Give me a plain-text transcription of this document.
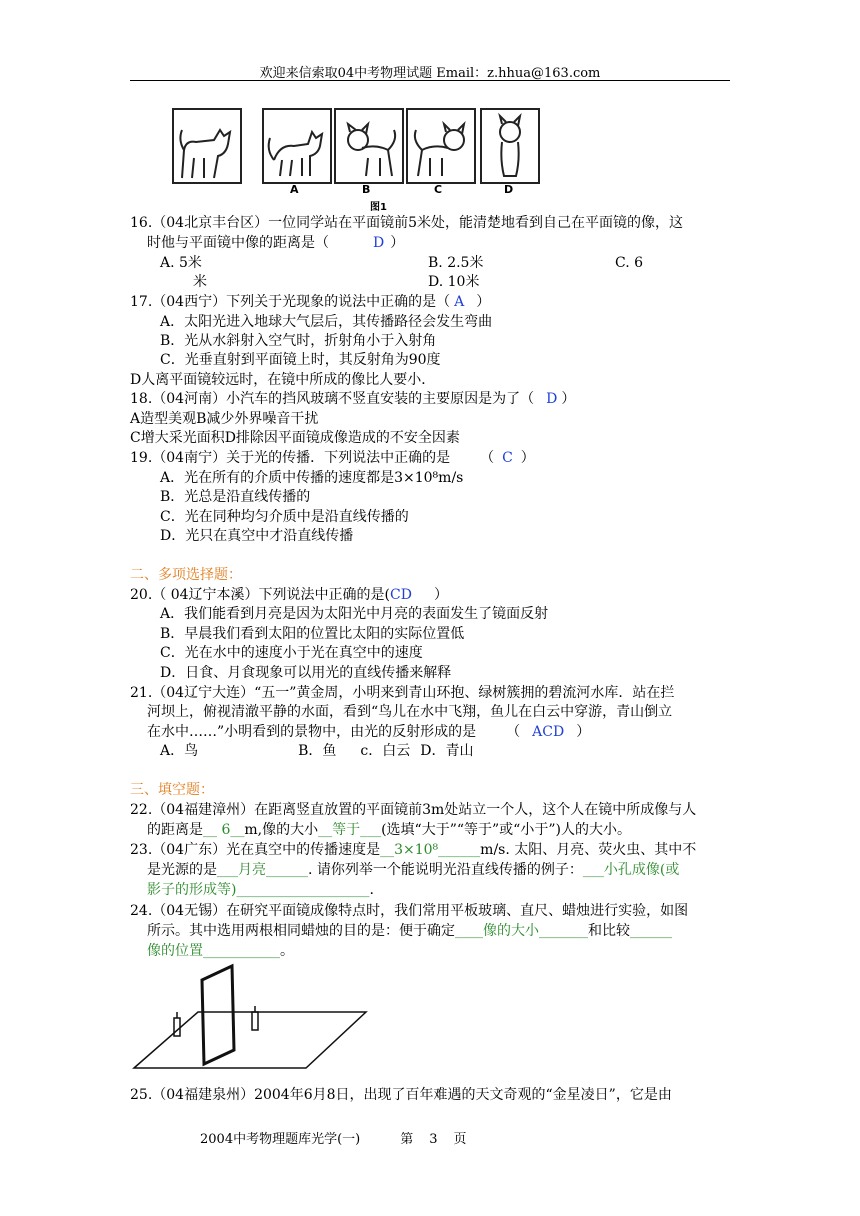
欢迎来信索取04中考物理试题 Email：z.hhua@163.com
A	B	C	D
图1
16.（04北京丰台区）一位同学站在平面镜前5米处，能清楚地看到自己在平面镜的像，这
时他与平面镜中像的距离是（	D ）
A. 5米	B. 2.5米	C. 6
米	D. 10米
17.（04西宁）下列关于光现象的说法中正确的是（ A ）
A．太阳光进入地球大气层后，其传播路径会发生弯曲
B．光从水斜射入空气时，折射角小于入射角
C．光垂直射到平面镜上时，其反射角为90度
D人离平面镜较远时，在镜中所成的像比人要小．
18.（04河南）小汽车的挡风玻璃不竖直安装的主要原因是为了（ D ）
A造型美观B减少外界噪音干扰
C增大采光面积D排除因平面镜成像造成的不安全因素
19.（04南宁）关于光的传播．下列说法中正确的是 （ C ）
A．光在所有的介质中传播的速度都是3×10⁸m/s
B．光总是沿直线传播的
C．光在同种均匀介质中是沿直线传播的
D．光只在真空中才沿直线传播
二、多项选择题：
20.（ 04辽宁本溪）下列说法中正确的是(CD ）
A．我们能看到月亮是因为太阳光中月亮的表面发生了镜面反射
B．早晨我们看到太阳的位置比太阳的实际位置低
C．光在水中的速度小于光在真空中的速度
D．日食、月食现象可以用光的直线传播来解释
21.（04辽宁大连）“五一”黄金周，小明来到青山环抱、绿树簇拥的碧流河水库．站在拦
河坝上，俯视清澈平静的水面，看到“鸟儿在水中飞翔，鱼儿在白云中穿游，青山倒立
在水中……”小明看到的景物中，由光的反射形成的是 （ ACD ）
A．鸟	B．鱼 c．白云 D．青山
三、填空题：
22.（04福建漳州）在距离竖直放置的平面镜前3m处站立一个人，这个人在镜中所成像与人
的距离是__ 6__m,像的大小__等于___(选填“大于”“等于”或“小于”)人的大小。
23.（04广东）光在真空中的传播速度是__3×10⁸______m/s. 太阳、月亮、荧火虫、其中不
是光源的是___月亮______. 请你列举一个能说明光沿直线传播的例子：___小孔成像(或
影子的形成等)___________________.
24.（04无锡）在研究平面镜成像特点时，我们常用平板玻璃、直尺、蜡烛进行实验，如图
所示。其中选用两根相同蜡烛的目的是：便于确定____像的大小_______和比较______
像的位置___________。
25.（04福建泉州）2004年6月8日，出现了百年难遇的天文奇观的“金星凌日”，它是由
2004中考物理题库光学(一)	第 3 页
